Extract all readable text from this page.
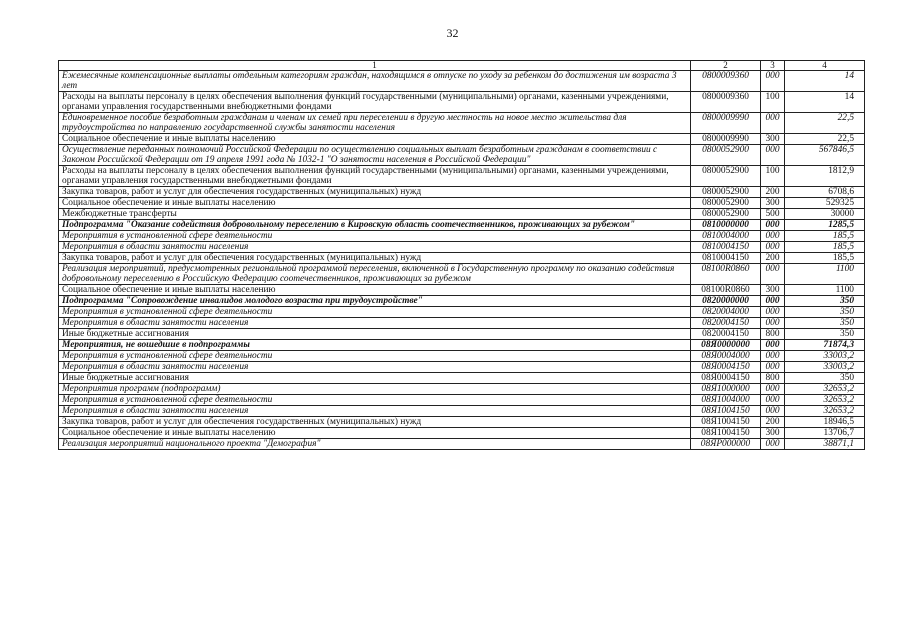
32
1	2	3	4
Ежемесячные компенсационные выплаты отдельным категориям граждан, находящимся в отпуске по уходу за ребенком до достижения им возраста 3 лет	0800009360	000	14
Расходы на выплаты персоналу в целях обеспечения выполнения функций государственными (муниципальными) органами, казенными учреждениями, органами управления государственными внебюджетными фондами	0800009360	100	14
Единовременное пособие безработным гражданам и членам их семей при переселении в другую местность на новое место жительства для трудоустройства по направлению государственной службы занятости населения	0800009990	000	22,5
Социальное обеспечение и иные выплаты населению	0800009990	300	22,5
Осуществление переданных полномочий Российской Федерации по осуществлению социальных выплат безработным гражданам в соответствии с Законом Российской Федерации от 19 апреля 1991 года № 1032-1 "О занятости населения в Российской Федерации"	0800052900	000	567846,5
Расходы на выплаты персоналу в целях обеспечения выполнения функций государственными (муниципальными) органами, казенными учреждениями, органами управления государственными внебюджетными фондами	0800052900	100	1812,9
Закупка товаров, работ и услуг для обеспечения государственных (муниципальных) нужд	0800052900	200	6708,6
Социальное обеспечение и иные выплаты населению	0800052900	300	529325
Межбюджетные трансферты	0800052900	500	30000
Подпрограмма "Оказание содействия добровольному переселению в Кировскую область соотечественников, проживающих за рубежом"	0810000000	000	1285,5
Мероприятия в установленной сфере деятельности	0810004000	000	185,5
Мероприятия в области занятости населения	0810004150	000	185,5
Закупка товаров, работ и услуг для обеспечения государственных (муниципальных) нужд	0810004150	200	185,5
Реализация мероприятий, предусмотренных региональной программой переселения, включенной в Государственную программу по оказанию содействия добровольному переселению в Российскую Федерацию соотечественников, проживающих за рубежом	08100R0860	000	1100
Социальное обеспечение и иные выплаты населению	08100R0860	300	1100
Подпрограмма "Сопровождение инвалидов молодого возраста при трудоустройстве"	0820000000	000	350
Мероприятия в установленной сфере деятельности	0820004000	000	350
Мероприятия в области занятости населения	0820004150	000	350
Иные бюджетные ассигнования	0820004150	800	350
Мероприятия, не вошедшие в подпрограммы	08Я0000000	000	71874,3
Мероприятия в установленной сфере деятельности	08Я0004000	000	33003,2
Мероприятия в области занятости населения	08Я0004150	000	33003,2
Иные бюджетные ассигнования	08Я0004150	800	350
Мероприятия программ (подпрограмм)	08Я1000000	000	32653,2
Мероприятия в установленной сфере деятельности	08Я1004000	000	32653,2
Мероприятия в области занятости населения	08Я1004150	000	32653,2
Закупка товаров, работ и услуг для обеспечения государственных (муниципальных) нужд	08Я1004150	200	18946,5
Социальное обеспечение и иные выплаты населению	08Я1004150	300	13706,7
Реализация мероприятий национального проекта "Демография"	08ЯР000000	000	38871,1
